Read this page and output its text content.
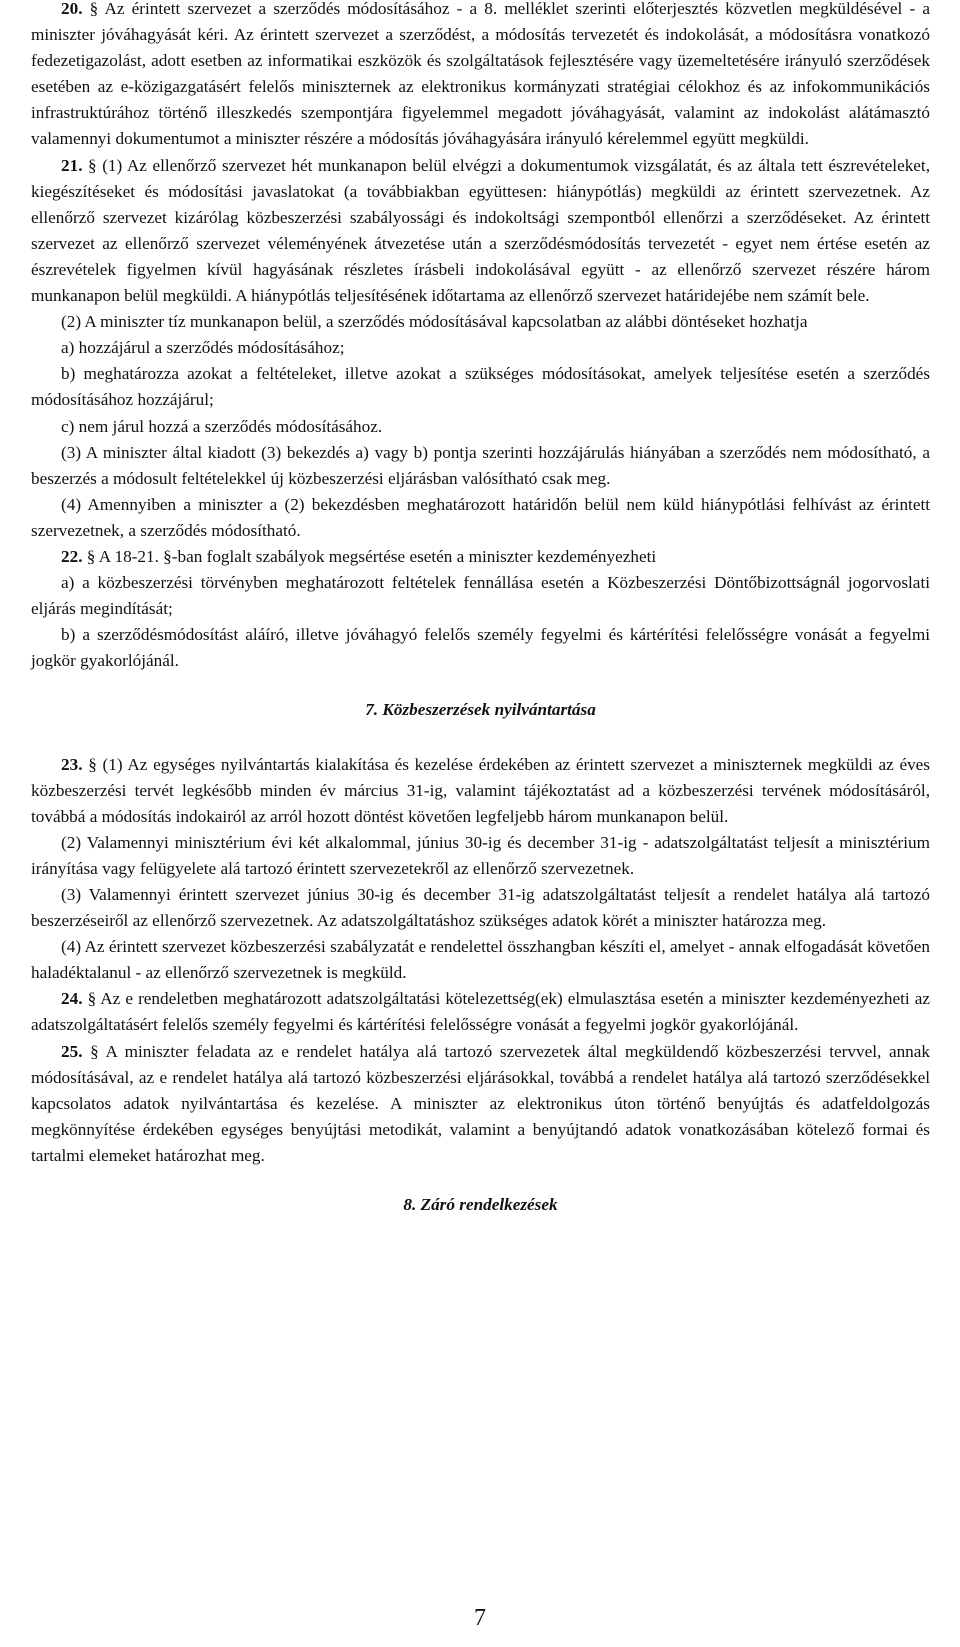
20. § Az érintett szervezet a szerződés módosításához - a 8. melléklet szerinti előterjesztés közvetlen megküldésével - a miniszter jóváhagyását kéri. Az érintett szervezet a szerződést, a módosítás tervezetét és indokolását, a módosításra vonatkozó fedezetigazolást, adott esetben az informatikai eszközök és szolgáltatások fejlesztésére vagy üzemeltetésére irányuló szerződések esetében az e-közigazgatásért felelős miniszternek az elektronikus kormányzati stratégiai célokhoz és az infokommunikációs infrastruktúrához történő illeszkedés szempontjára figyelemmel megadott jóváhagyását, valamint az indokolást alátámasztó valamennyi dokumentumot a miniszter részére a módosítás jóváhagyására irányuló kérelemmel együtt megküldi.

21. § (1) Az ellenőrző szervezet hét munkanapon belül elvégzi a dokumentumok vizsgálatát, és az általa tett észrevételeket, kiegészítéseket és módosítási javaslatokat (a továbbiakban együttesen: hiánypótlás) megküldi az érintett szervezetnek. Az ellenőrző szervezet kizárólag közbeszerzési szabályossági és indokoltsági szempontból ellenőrzi a szerződéseket. Az érintett szervezet az ellenőrző szervezet véleményének átvezetése után a szerződésmódosítás tervezetét - egyet nem értése esetén az észrevételek figyelmen kívül hagyásának részletes írásbeli indokolásával együtt - az ellenőrző szervezet részére három munkanapon belül megküldi. A hiánypótlás teljesítésének időtartama az ellenőrző szervezet határidejébe nem számít bele.

(2) A miniszter tíz munkanapon belül, a szerződés módosításával kapcsolatban az alábbi döntéseket hozhatja

a) hozzájárul a szerződés módosításához;

b) meghatározza azokat a feltételeket, illetve azokat a szükséges módosításokat, amelyek teljesítése esetén a szerződés módosításához hozzájárul;

c) nem járul hozzá a szerződés módosításához.

(3) A miniszter által kiadott (3) bekezdés a) vagy b) pontja szerinti hozzájárulás hiányában a szerződés nem módosítható, a beszerzés a módosult feltételekkel új közbeszerzési eljárásban valósítható csak meg.

(4) Amennyiben a miniszter a (2) bekezdésben meghatározott határidőn belül nem küld hiánypótlási felhívást az érintett szervezetnek, a szerződés módosítható.

22. § A 18-21. §-ban foglalt szabályok megsértése esetén a miniszter kezdeményezheti

a) a közbeszerzési törvényben meghatározott feltételek fennállása esetén a Közbeszerzési Döntőbizottságnál jogorvoslati eljárás megindítását;

b) a szerződésmódosítást aláíró, illetve jóváhagyó felelős személy fegyelmi és kártérítési felelősségre vonását a fegyelmi jogkör gyakorlójánál.

7. Közbeszerzések nyilvántartása

23. § (1) Az egységes nyilvántartás kialakítása és kezelése érdekében az érintett szervezet a miniszternek megküldi az éves közbeszerzési tervét legkésőbb minden év március 31-ig, valamint tájékoztatást ad a közbeszerzési tervének módosításáról, továbbá a módosítás indokairól az arról hozott döntést követően legfeljebb három munkanapon belül.

(2) Valamennyi minisztérium évi két alkalommal, június 30-ig és december 31-ig - adatszolgáltatást teljesít a minisztérium irányítása vagy felügyelete alá tartozó érintett szervezetekről az ellenőrző szervezetnek.

(3) Valamennyi érintett szervezet június 30-ig és december 31-ig adatszolgáltatást teljesít a rendelet hatálya alá tartozó beszerzéseiről az ellenőrző szervezetnek. Az adatszolgáltatáshoz szükséges adatok körét a miniszter határozza meg.

(4) Az érintett szervezet közbeszerzési szabályzatát e rendelettel összhangban készíti el, amelyet - annak elfogadását követően haladéktalanul - az ellenőrző szervezetnek is megküld.

24. § Az e rendeletben meghatározott adatszolgáltatási kötelezettség(ek) elmulasztása esetén a miniszter kezdeményezheti az adatszolgáltatásért felelős személy fegyelmi és kártérítési felelősségre vonását a fegyelmi jogkör gyakorlójánál.

25. § A miniszter feladata az e rendelet hatálya alá tartozó szervezetek által megküldendő közbeszerzési tervvel, annak módosításával, az e rendelet hatálya alá tartozó közbeszerzési eljárásokkal, továbbá a rendelet hatálya alá tartozó szerződésekkel kapcsolatos adatok nyilvántartása és kezelése. A miniszter az elektronikus úton történő benyújtás és adatfeldolgozás megkönnyítése érdekében egységes benyújtási metodikát, valamint a benyújtandó adatok vonatkozásában kötelező formai és tartalmi elemeket határozhat meg.

8. Záró rendelkezések
7
